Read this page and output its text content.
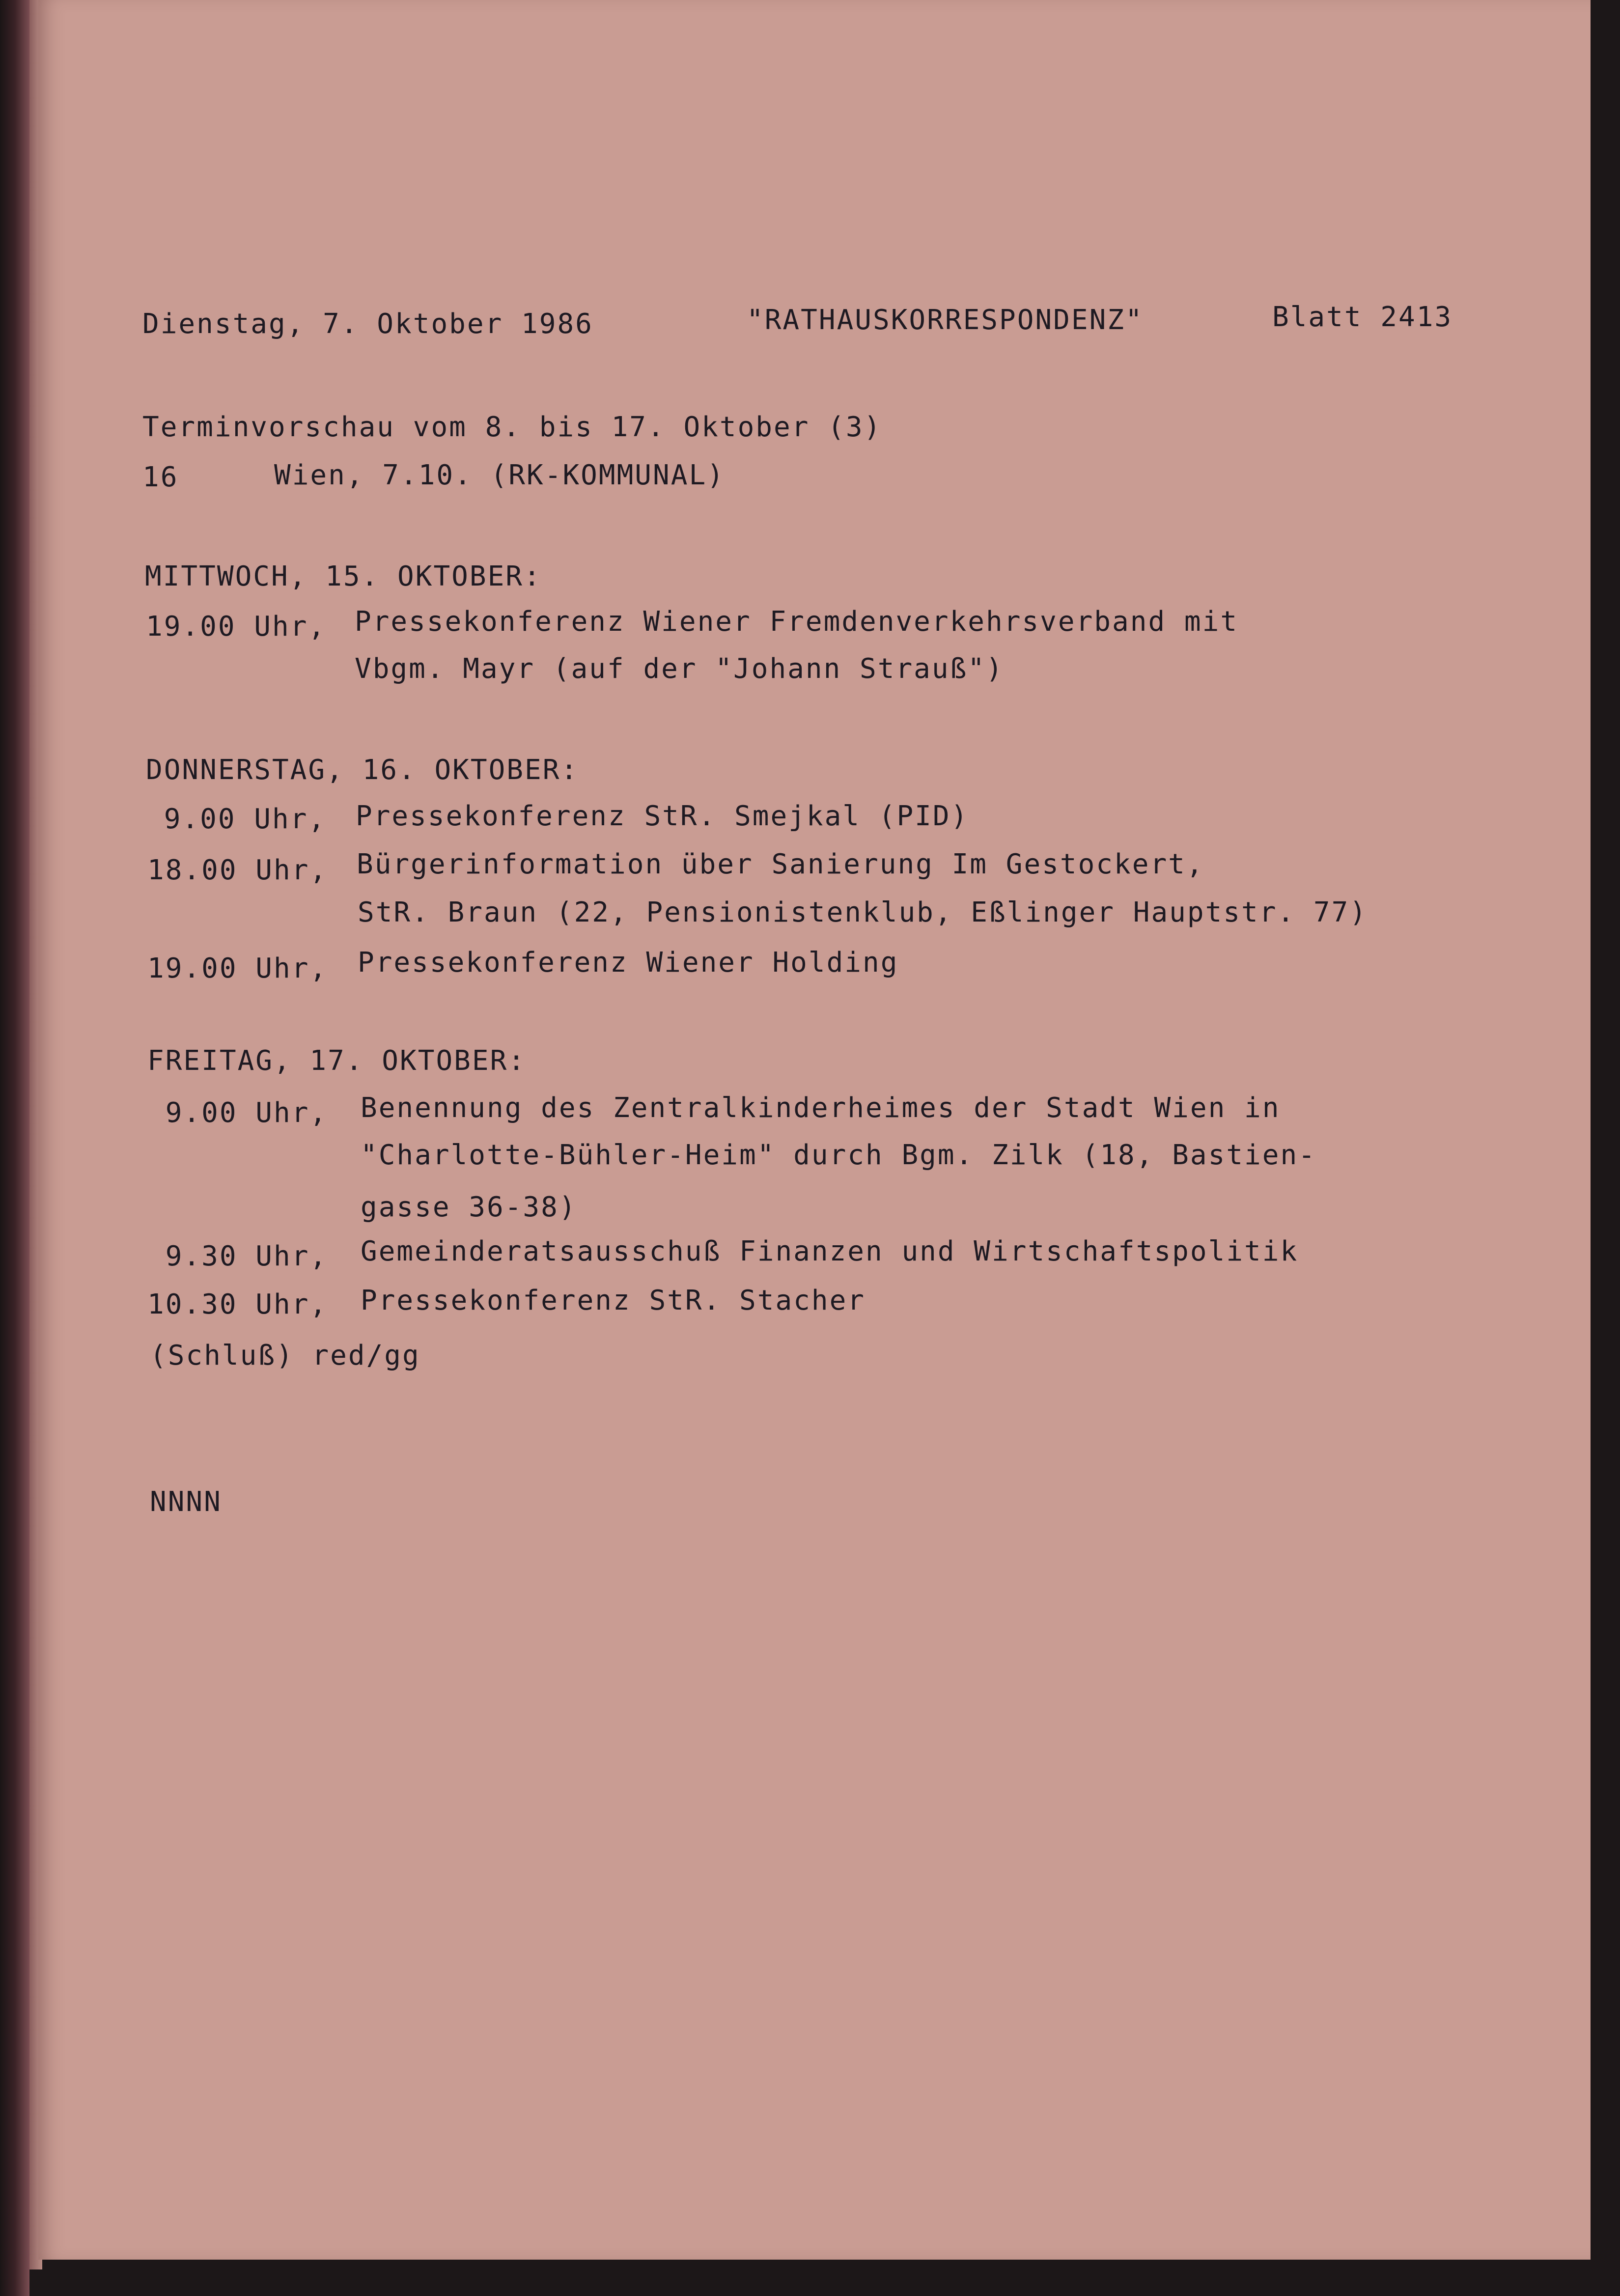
Dienstag, 7. Oktober 1986	"RATHAUSKORRESPONDENZ"	Blatt 2413
Terminvorschau vom 8. bis 17. Oktober (3)
16	Wien, 7.10. (RK-KOMMUNAL)
MITTWOCH, 15. OKTOBER:
19.00 Uhr, Pressekonferenz Wiener Fremdenverkehrsverband mit
Vbgm. Mayr (auf der "Johann Strauß")
DONNERSTAG, 16. OKTOBER:
9.00 Uhr, Pressekonferenz StR. Smejkal (PID)
18.00 Uhr, Bürgerinformation über Sanierung Im Gestockert,
StR. Braun (22, Pensionistenklub, Eßlinger Hauptstr. 77)
19.00 Uhr, Pressekonferenz Wiener Holding
FREITAG, 17. OKTOBER:
9.00 Uhr, Benennung des Zentralkinderheimes der Stadt Wien in
"Charlotte-Bühler-Heim" durch Bgm. Zilk (18, Bastien-
gasse 36-38)
9.30 Uhr, Gemeinderatsausschuß Finanzen und Wirtschaftspolitik
10.30 Uhr, Pressekonferenz StR. Stacher
(Schluß) red/gg
NNNN
